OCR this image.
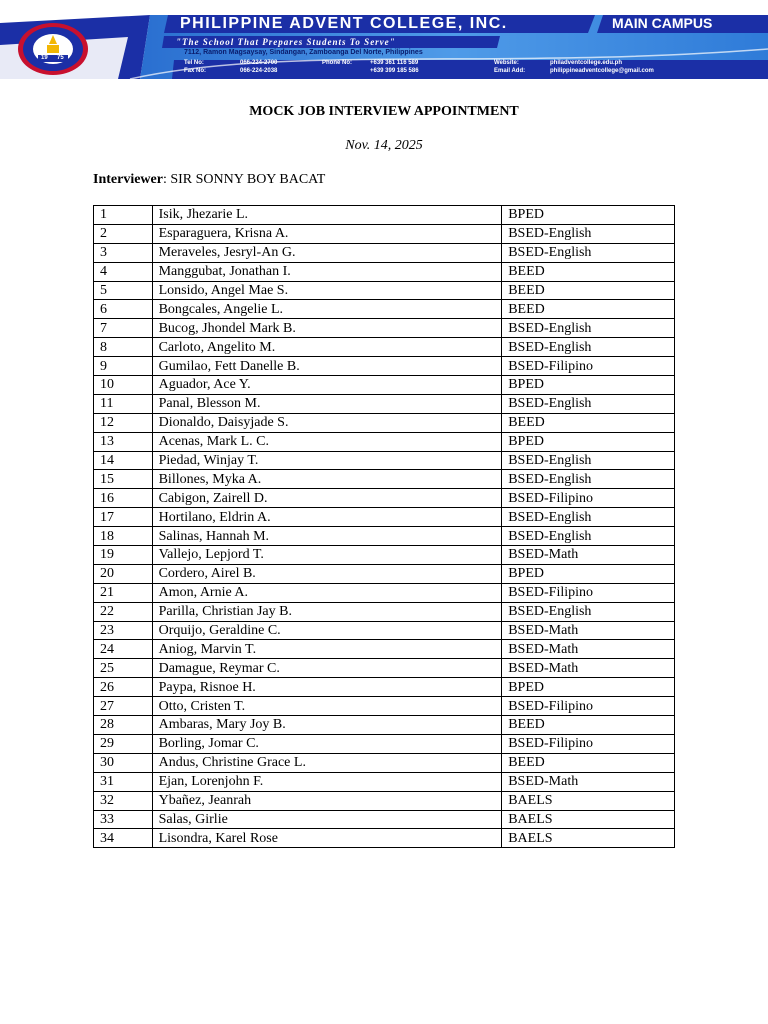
19 75
PHILIPPINE ADVENT COLLEGE, INC.	MAIN CAMPUS
"The School That Prepares Students To Serve"
7112, Ramon Magsaysay, Sindangan, Zamboanga Del Norte, Philippines
Tel No:	066-224-2700
Fax No:	066-224-2038
Phone No:	+639 361 116 589
+639 399 185 586
Website:	philadventcollege.edu.ph
Email Add:	philippineadventcollege@gmail.com
MOCK JOB INTERVIEW APPOINTMENT
Nov. 14, 2025
Interviewer: SIR SONNY BOY BACAT
1	Isik, Jhezarie L.	BPED
2	Esparaguera, Krisna A.	BSED-English
3	Meraveles, Jesryl-An G.	BSED-English
4	Manggubat, Jonathan I.	BEED
5	Lonsido, Angel Mae S.	BEED
6	Bongcales, Angelie L.	BEED
7	Bucog, Jhondel Mark B.	BSED-English
8	Carloto, Angelito M.	BSED-English
9	Gumilao, Fett Danelle B.	BSED-Filipino
10	Aguador, Ace Y.	BPED
11	Panal, Blesson M.	BSED-English
12	Dionaldo, Daisyjade S.	BEED
13	Acenas, Mark L. C.	BPED
14	Piedad, Winjay T.	BSED-English
15	Billones, Myka A.	BSED-English
16	Cabigon, Zairell D.	BSED-Filipino
17	Hortilano, Eldrin A.	BSED-English
18	Salinas, Hannah M.	BSED-English
19	Vallejo, Lepjord T.	BSED-Math
20	Cordero, Airel B.	BPED
21	Amon, Arnie A.	BSED-Filipino
22	Parilla, Christian Jay B.	BSED-English
23	Orquijo, Geraldine C.	BSED-Math
24	Aniog, Marvin T.	BSED-Math
25	Damague, Reymar C.	BSED-Math
26	Paypa, Risnoe H.	BPED
27	Otto, Cristen T.	BSED-Filipino
28	Ambaras, Mary Joy B.	BEED
29	Borling, Jomar C.	BSED-Filipino
30	Andus, Christine Grace L.	BEED
31	Ejan, Lorenjohn F.	BSED-Math
32	Ybañez, Jeanrah	BAELS
33	Salas, Girlie	BAELS
34	Lisondra, Karel Rose	BAELS
